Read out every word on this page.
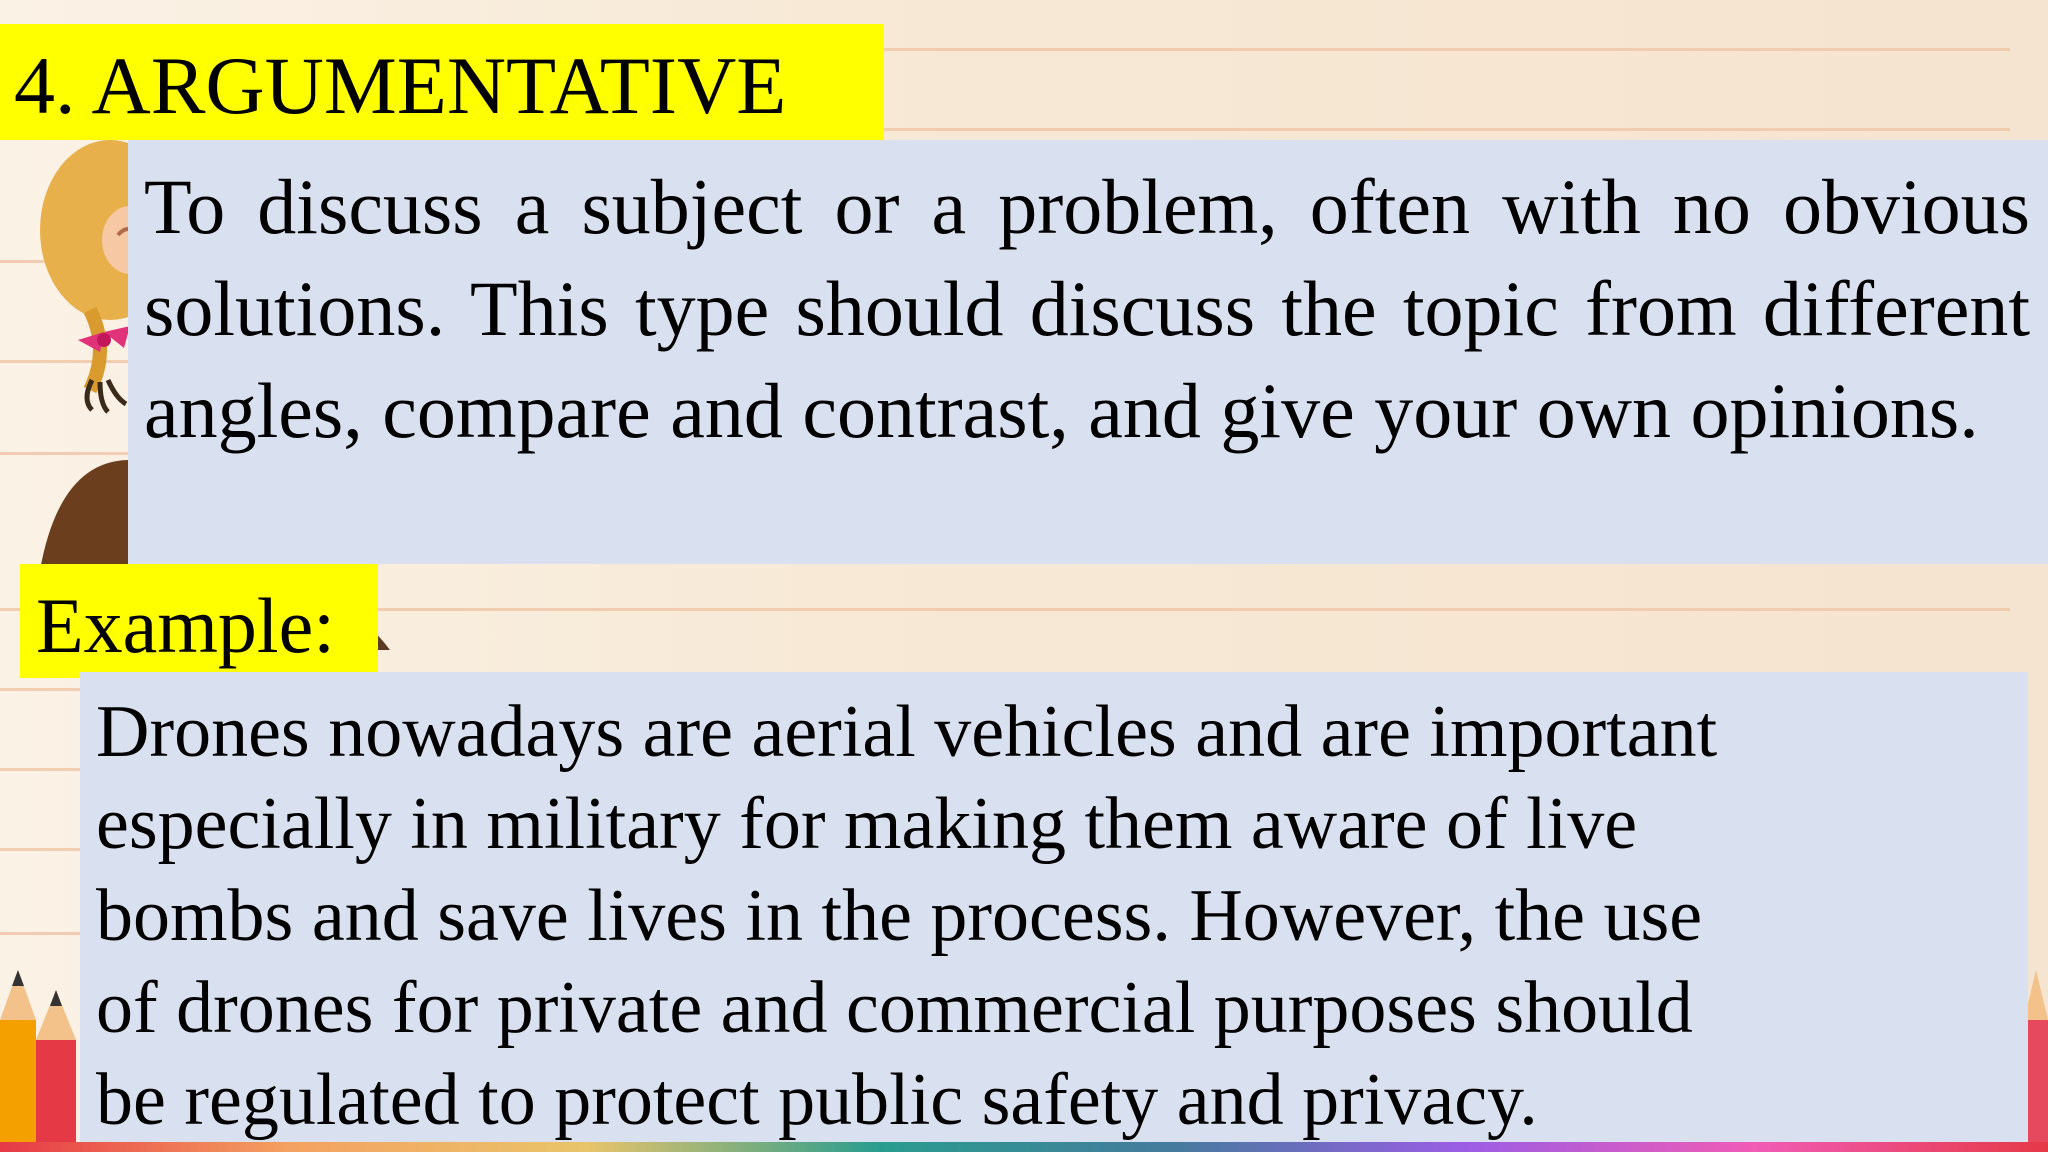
4. ARGUMENTATIVE
To discuss a subject or a problem, often with no obvious solutions. This type should discuss the topic from different angles, compare and contrast, and give your own opinions.
Example:
Drones nowadays are aerial vehicles and are important
especially in military for making them aware of live
bombs and save lives in the process. However, the use
of drones for private and commercial purposes should
be regulated to protect public safety and privacy.
